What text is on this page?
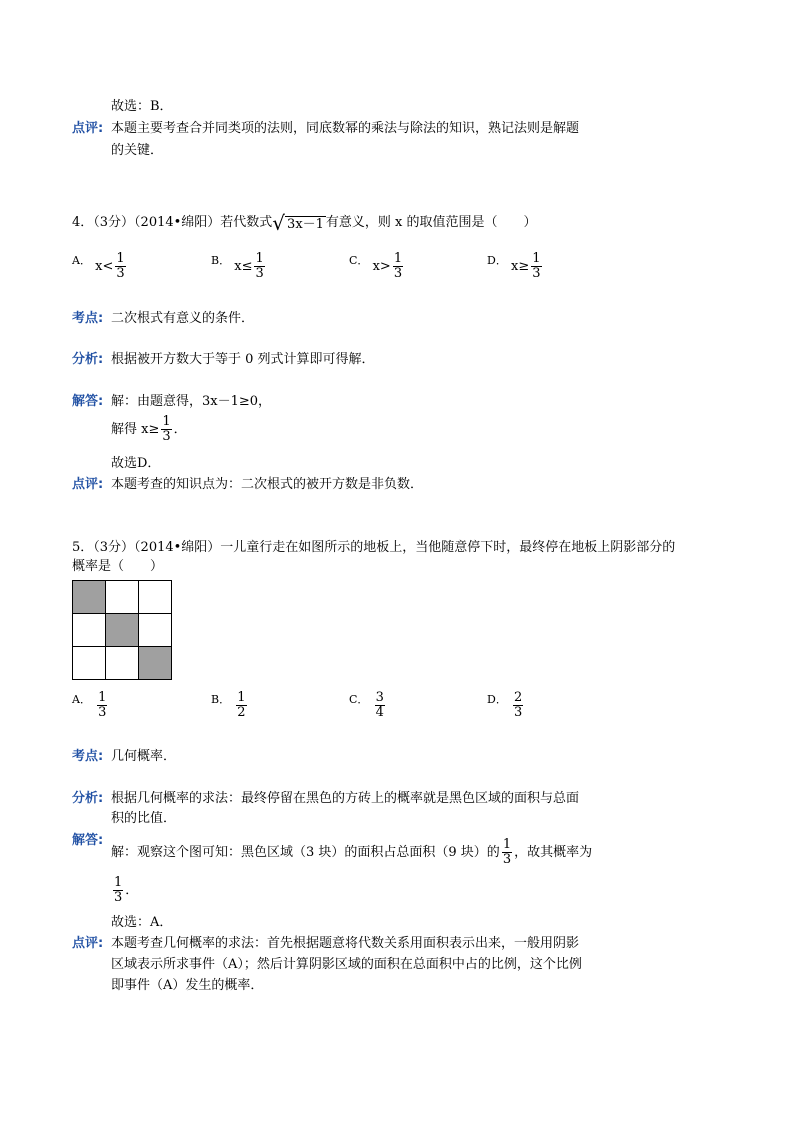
故选：B．
点评: 本题主要考查合并同类项的法则，同底数幂的乘法与除法的知识，熟记法则是解题
的关键．
4．（3分）（2014•绵阳）若代数式 √ 3x－1 有意义，则 x 的取值范围是（　　）
A． $x< \frac{1}{3}$	B． $x\le \frac{1}{3}$	C． $x> \frac{1}{3}$	D． $x\ge \frac{1}{3}$
考点: 二次根式有意义的条件．
分析: 根据被开方数大于等于 0 列式计算即可得解．
解答: 解：由题意得，3x－1≥0，
解得 $x\ge \frac{1}{3}$ ．
故选D．
点评: 本题考查的知识点为：二次根式的被开方数是非负数．
5．（3分）（2014•绵阳）一儿童行走在如图所示的地板上，当他随意停下时，最终停在地板上阴影部分的
概率是（　　）

A． $\frac{1}{3}$	B． $\frac{1}{2}$	C． $\frac{3}{4}$	D． $\frac{2}{3}$
考点: 几何概率．
分析: 根据几何概率的求法：最终停留在黑色的方砖上的概率就是黑色区域的面积与总面
积的比值．
解答:
解：观察这个图可知：黑色区域（3 块）的面积占总面积（9 块）的 $\frac{1}{3}$ ，故其概率为
$\frac{1}{3}$ ．
故选：A．
点评: 本题考查几何概率的求法：首先根据题意将代数关系用面积表示出来，一般用阴影
区域表示所求事件（A）；然后计算阴影区域的面积在总面积中占的比例，这个比例
即事件（A）发生的概率．
